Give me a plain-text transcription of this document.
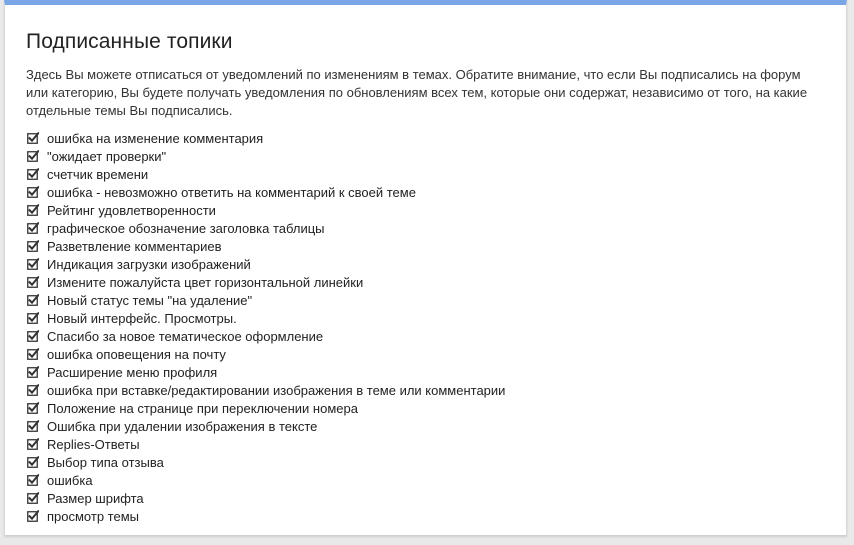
Подписанные топики

Здесь Вы можете отписаться от уведомлений по изменениям в темах. Обратите внимание, что если Вы подписались на форум или категорию, Вы будете получать уведомления по обновлениям всех тем, которые они содержат, независимо от того, на какие отдельные темы Вы подписались.

ошибка на изменение комментария
"ожидает проверки"
счетчик времени
ошибка - невозможно ответить на комментарий к своей теме
Рейтинг удовлетворенности
графическое обозначение заголовка таблицы
Разветвление комментариев
Индикация загрузки изображений
Измените пожалуйста цвет горизонтальной линейки
Новый статус темы "на удаление"
Новый интерфейс. Просмотры.
Спасибо за новое тематическое оформление
ошибка оповещения на почту
Расширение меню профиля
ошибка при вставке/редактировании изображения в теме или комментарии
Положение на странице при переключении номера
Ошибка при удалении изображения в тексте
Replies-Ответы
Выбор типа отзыва
ошибка
Размер шрифта
просмотр темы
